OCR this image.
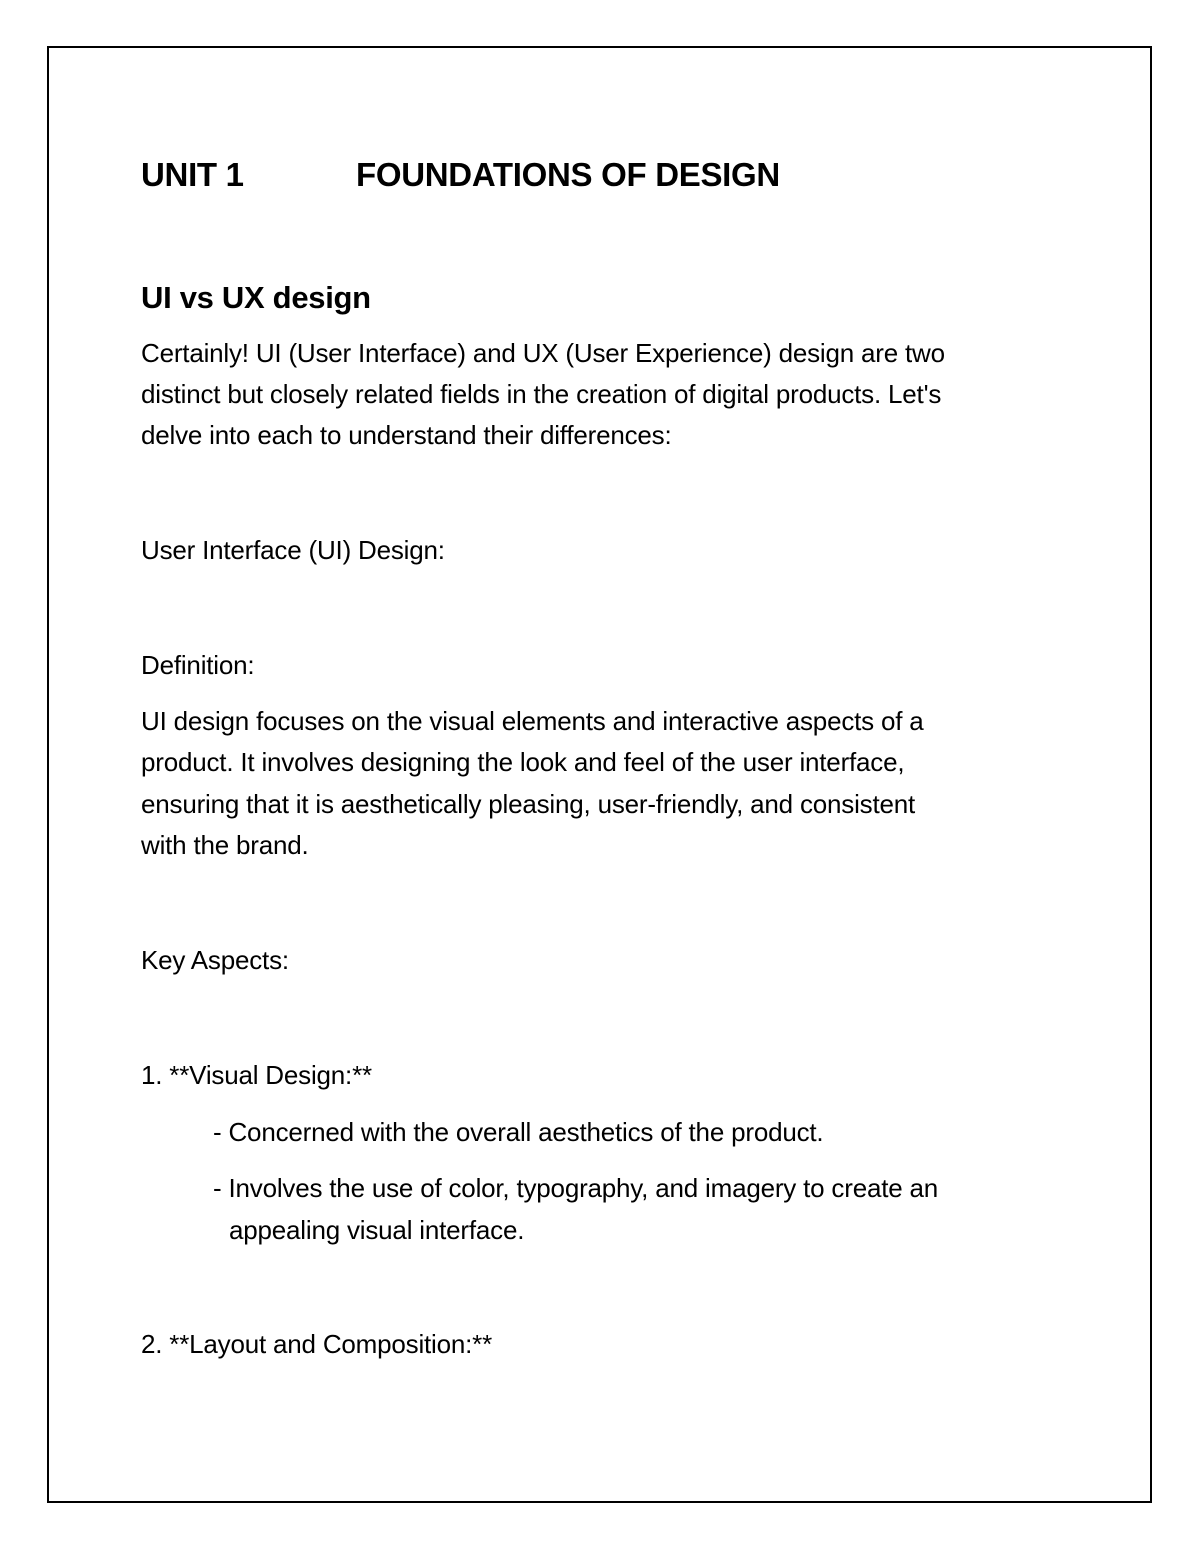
UNIT 1	FOUNDATIONS OF DESIGN
UI vs UX design
Certainly! UI (User Interface) and UX (User Experience) design are two
distinct but closely related fields in the creation of digital products. Let's
delve into each to understand their differences:
User Interface (UI) Design:
Definition:
UI design focuses on the visual elements and interactive aspects of a
product. It involves designing the look and feel of the user interface,
ensuring that it is aesthetically pleasing, user-friendly, and consistent
with the brand.
Key Aspects:
1. **Visual Design:**
- Concerned with the overall aesthetics of the product.
- Involves the use of color, typography, and imagery to create an
appealing visual interface.
2. **Layout and Composition:**
